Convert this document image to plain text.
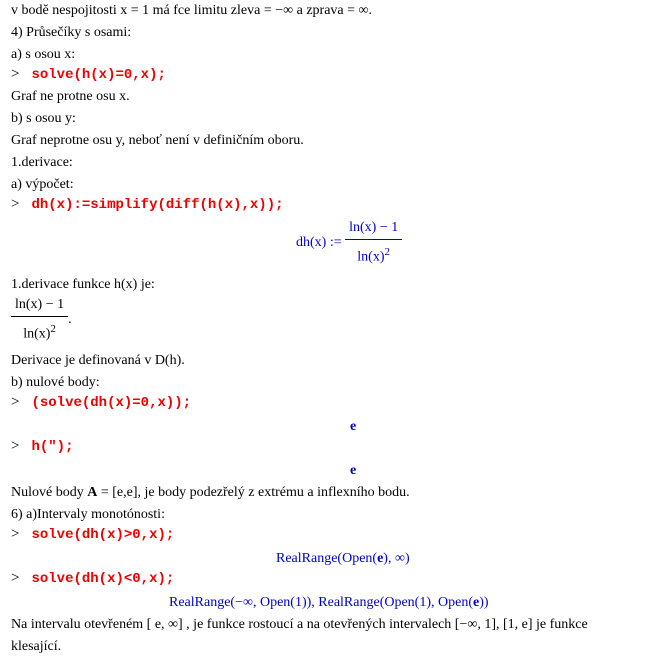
v bodě nespojitosti x = 1 má fce limitu zleva = −∞ a zprava = ∞.
4) Průsečíky s osami:
a) s osou x:
> solve(h(x)=0,x);
Graf ne protne osu x.
b) s osou y:
Graf neprotne osu y, neboť není v definičním oboru.
1.derivace:
a) výpočet:
> dh(x):=simplify(diff(h(x),x));
dh(x) := $\frac{\ln(x) - 1}{\ln(x)^2}$
1.derivace funkce h(x) je:
$\frac{\ln(x) - 1}{\ln(x)^2}$ .
Derivace je definovaná v D(h).
b) nulové body:
> (solve(dh(x)=0,x));
e
> h(");
e
Nulové body A = [e,e], je body podezřelý z extrému a inflexního bodu.
6) a)Intervaly monotónosti:
> solve(dh(x)>0,x);
RealRange(Open(e), ∞)
> solve(dh(x)<0,x);
RealRange(−∞, Open(1)), RealRange(Open(1), Open(e))
Na intervalu otevřeném [ e, ∞] , je funkce rostoucí a na otevřených intervalech [−∞, 1], [1, e] je funkce
klesající.
